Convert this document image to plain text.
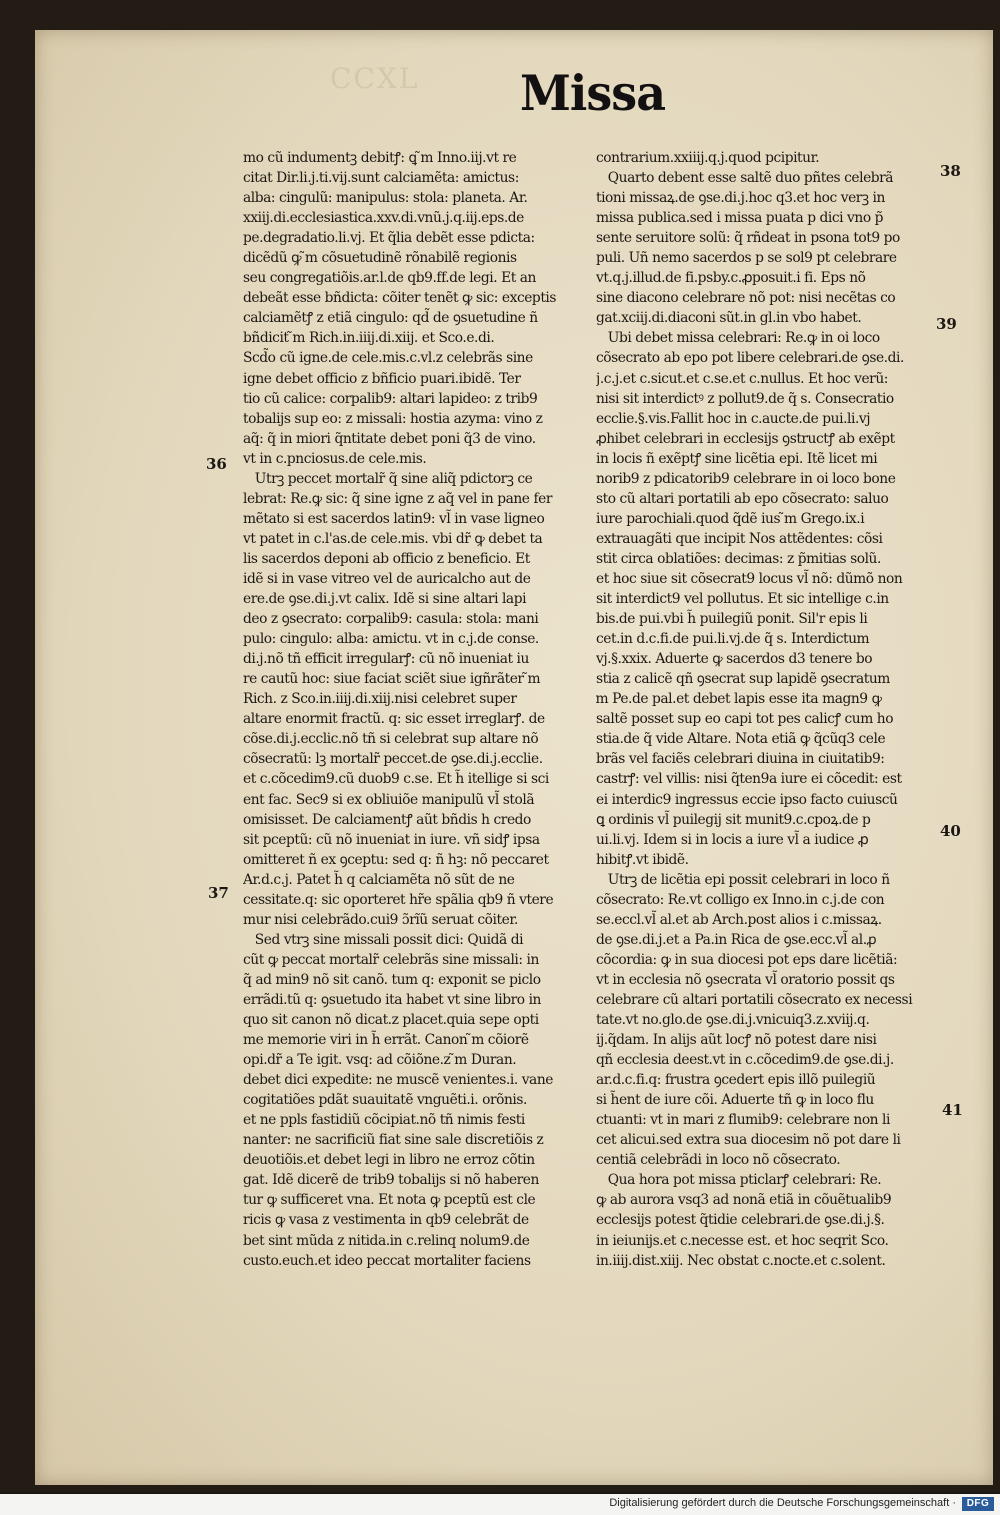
CCXL Missa
mo cũ indumentꝫ debitꝭ: ꝗ ̃m Inno.iij.vt re
citat Dir.li.j.ti.vij.sunt calciamẽta: amictus:
alba: cingulũ: manipulus: stola: planeta. Ar.
xxiij.di.ecclesiastica.xxv.di.vnũ.j.q.iij.eps.de
pe.degradatio.li.vj. Et q̃lia debẽt esse pdicta:
dicẽdũ ꝙ ̃m cõsuetudinẽ rõnabilẽ regionis
seu congregatiõis.ar.l.de qb9.ff.de legi. Et an
debeãt esse bñdicta: cõiter tenẽt ꝙ sic: exceptis
calciamẽtꝭ z etiã cingulo: qd̃ de ꝯsuetudine ñ
bñdicit ̃m Rich.in.iiij.di.xiij. et Sco.e.di.
Scd̃o cũ igne.de cele.mis.c.vl.z celebrãs sine
igne debet officio z bñficio puari.ibidẽ. Ter
tio cũ calice: corpalib9: altari lapideo: z trib9
tobalijs sup eo: z missali: hostia azyma: vino z
aq̃: q̃ in miori q̃ntitate debet poni q̃3 de vino.
vt in c.pnciosus.de cele.mis.
Utrꝫ peccet mortalr̃ q̃ sine aliq̃ pdictorꝫ ce
lebrat: Re.ꝙ sic: q̃ sine igne z aq̃ vel in pane fer
mẽtato si est sacerdos latin9: vl̃ in vase ligneo
vt patet in c.l'as.de cele.mis. vbi dr̃ ꝙ debet ta
lis sacerdos deponi ab officio z beneficio. Et
idẽ si in vase vitreo vel de auricalcho aut de
ere.de ꝯse.di.j.vt calix. Idẽ si sine altari lapi
deo z ꝯsecrato: corpalib9: casula: stola: mani
pulo: cingulo: alba: amictu. vt in c.j.de conse.
di.j.nõ tñ efficit irregularꝭ: cũ nõ inueniat iu
re cautũ hoc: siue faciat sciẽt siue igñrãter ̃m
Rich. z Sco.in.iiij.di.xiij.nisi celebret super
altare enormit fractũ. q: sic esset irreglarꝭ. de
cõse.di.j.ecclic.nõ tñ si celebrat sup altare nõ
cõsecratũ: lꝫ mortalr̃ peccet.de ꝯse.di.j.ecclie.
et c.cõcedim9.cũ duob9 c.se. Et h̃ itellige si sci
ent fac. Sec9 si ex obliuiõe manipulũ vl̃ stolã
omisisset. De calciamentꝭ aũt bñdis h credo
sit pceptũ: cũ nõ inueniat in iure. vñ sidꝭ ipsa
omitteret ñ ex ꝯceptu: sed q: ñ hꝫ: nõ peccaret
Ar.d.c.j. Patet h̃ q calciamẽta nõ sũt de ne
cessitate.q: sic oporteret hr̃e spãlia qb9 ñ vtere
mur nisi celebrãdo.cui9 ɔ̃rĩũ seruat cõiter.
Sed vtrꝫ sine missali possit dici: Quidã di
cũt ꝙ peccat mortalr̃ celebrãs sine missali: in
q̃ ad min9 nõ sit canõ. tum q: exponit se piclo
errãdi.tũ q: ꝯsuetudo ita habet vt sine libro in
quo sit canon nõ dicat.z placet.quia sepe opti
me memorie viri in h̃ errãt. Canon ̃m cõiorẽ
opi.dr̃ a Te igit. vsq: ad cõiõne.z ̃m Duran.
debet dici expedite: ne muscẽ venientes.i. vane
cogitatiões pdãt suauitatẽ vnguẽti.i. orõnis.
et ne ppls fastidiũ cõcipiat.nõ tñ nimis festi
nanter: ne sacrificiũ fiat sine sale discretiõis z
deuotiõis.et debet legi in libro ne erroz cõtin
gat. Idẽ dicerẽ de trib9 tobalijs si nõ haberen
tur ꝙ sufficeret vna. Et nota ꝙ pceptũ est cle
ricis ꝙ vasa z vestimenta in qb9 celebrãt de
bet sint mũda z nitida.in c.relinq nolum9.de
custo.euch.et ideo peccat mortaliter faciens
contrarium.xxiiij.q.j.quod pcipitur.
Quarto debent esse saltẽ duo pñtes celebrã
tioni missaꝝ.de ꝯse.di.j.hoc q3.et hoc verꝫ in
missa publica.sed i missa puata p dici vno p̃
sente seruitore solũ: q̃ rñdeat in psona tot9 po
puli. Uñ nemo sacerdos p se sol9 pt celebrare
vt.q.j.illud.de fi.psby.c.ꝓposuit.i fi. Eps nõ
sine diacono celebrare nõ pot: nisi necẽtas co
gat.xciij.di.diaconi sũt.in gl.in vbo habet.
Ubi debet missa celebrari: Re.ꝙ in oi loco
cõsecrato ab epo pot libere celebrari.de ꝯse.di.
j.c.j.et c.sicut.et c.se.et c.nullus. Et hoc verũ:
nisi sit interdictꝰ z pollut9.de q̃ s. Consecratio
ecclie.§.vis.Fallit hoc in c.aucte.de pui.li.vj
ꝓhibet celebrari in ecclesijs ꝯstructꝭ ab exẽpt
in locis ñ exẽptꝭ sine licẽtia epi. Itẽ licet mi
norib9 z pdicatorib9 celebrare in oi loco bone
sto cũ altari portatili ab epo cõsecrato: saluo
iure parochiali.quod q̃dẽ ius ̃m Grego.ix.i
extrauagãti que incipit Nos attẽdentes: cõsi
stit circa oblatiões: decimas: z p̃mitias solũ.
et hoc siue sit cõsecrat9 locus vl̃ nõ: dũmõ non
sit interdict9 vel pollutus. Et sic intellige c.in
bis.de pui.vbi h̃ puilegiũ ponit. Sil'r epis li
cet.in d.c.fi.de pui.li.vj.de q̃ s. Interdictum
vj.§.xxix. Aduerte ꝙ sacerdos d3 tenere bo
stia z calicẽ qñ ꝯsecrat sup lapidẽ ꝯsecratum
̃m Pe.de pal.et debet lapis esse ita magn9 ꝙ
saltẽ posset sup eo capi tot pes calicꝭ cum ho
stia.de q̃ vide Altare. Nota etiã ꝙ q̃cũq3 cele
brãs vel faciẽs celebrari diuina in ciuitatib9:
castrꝭ: vel villis: nisi q̃ten9a iure ei cõcedit: est
ei interdic9 ingressus eccie ipso facto cuiuscũ
ꝗ ordinis vl̃ puilegij sit munit9.c.cpoꝝ.de p
ui.li.vj. Idem si in locis a iure vl̃ a iudice ꝓ
hibitꝭ.vt ibidẽ.
Utrꝫ de licẽtia epi possit celebrari in loco ñ
cõsecrato: Re.vt colligo ex Inno.in c.j.de con
se.eccl.vl̃ al.et ab Arch.post alios i c.missaꝝ.
de ꝯse.di.j.et a Pa.in Rica de ꝯse.ecc.vl̃ al.ꝓ
cõcordia: ꝙ in sua diocesi pot eps dare licẽtiã:
vt in ecclesia nõ ꝯsecrata vl̃ oratorio possit qs
celebrare cũ altari portatili cõsecrato ex necessi
tate.vt no.glo.de ꝯse.di.j.vnicuiq3.z.xviij.q.
ij.q̃dam. In alijs aũt locꝭ nõ potest dare nisi
qñ ecclesia deest.vt in c.cõcedim9.de ꝯse.di.j.
ar.d.c.fi.q: frustra ꝯcedert epis illõ puilegiũ
si h̃ent de iure cõi. Aduerte tñ ꝙ in loco flu
ctuanti: vt in mari z flumib9: celebrare non li
cet alicui.sed extra sua diocesim nõ pot dare li
centiã celebrãdi in loco nõ cõsecrato.
Qua hora pot missa pticlarꝭ celebrari: Re.
ꝙ ab aurora vsq3 ad nonã etiã in cõuẽtualib9
ecclesijs potest q̃tidie celebrari.de ꝯse.di.j.§.
in ieiunijs.et c.necesse est. et hoc seqrit Sco.
in.iiij.dist.xiij. Nec obstat c.nocte.et c.solent.
36
37
38
39
40
41
Digitalisierung gefördert durch die Deutsche Forschungsgemeinschaft ·	DFG
